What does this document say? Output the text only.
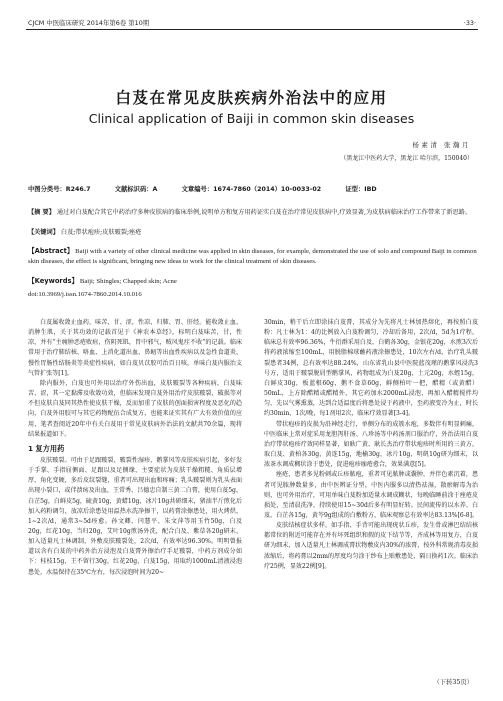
CJCM 中医临床研究 2014年第6卷 第10期	·33·
白芨在常见皮肤疾病外治法中的应用
Clinical application of Baiji in common skin diseases
杨素清 张瀚月
（黑龙江中医药大学，黑龙江 哈尔滨，150040）
中图分类号：R246.7	文献标识码：A	文章编号：1674-7860（2014）10-0033-02	证型：IBD
【摘 要】 通过对白芨配合其它中药治疗多种皮肤病的临床举例,说明单方和复方用药证实白芨在治疗常见皮肤病中,疗效显著,为皮肤病临床治疗工作带来了新思路。
【关键词】 白芨;带状疱疹;皮肤皲裂;痤疮
【Abstract】 Baiji with a variety of other clinical medicine was applied in skin diseases, for example, demonstrated the use of solo and compound Baiji in common skin diseases, the effect is significant, bringing new ideas to work for the clinical treatment of skin diseases.
【Keywords】 Baiji; Shingles; Chapped skin; Acne
doi:10.3969/j.issn.1674-7860.2014.10.016

白芨属收敛止血药，味苦、甘、涩，性凉，归肺、胃、肝经。能收敛止血、消肿生肌，关于其功效的记载首见于《神农本草经》，标明白芨味苦，甘，性凉，并有“主痈肿恶疮败疽，伤阴死肌，胃中邪气，贼风鬼疰不收”的记载。临床常用于治疗肺结核、咯血、上消化道出血、鼻衄等出血性疾病以及急性食道炎、慢性胃肠性结肠炎等炎症性疾病，如白芨贝苡胶可治百日咳，单味白芨内服治支气管扩张等[1]。

除内服外，白芨也可外用以治疗外伤出血，皮肤皲裂等各种疾病，白芨味苦、涩，其一定黏滞及收敛功效，但临床发现自芨外用治疗皮肤皲裂，破损等对不但皮肤自芨同其热性使皮肤干燥，反而加重了皮肤的创面损害程度及恶化的趋向，白芨外用胶可与其它药物配伍合成复方，也能来证实其有广大有效价值的应用，笔者查阅近20年中有关白芨用于常见皮肤病外治法的文献共70余篇，现将结果报道如下。

1 复方用药

皮肤皲裂。可由于足跟皲裂、皲裂性湿疹、鹅掌风等皮肤疾病引起，多好发于手掌、手指屈侧面、足跟以及足侧缘，主要症状为皮肤干燥粗糙、角质层增厚、角化变硬，多后皮纹裂缝，重者可出现出血和疼痛；乳头皲裂则为乳头表面出现小裂口，或伴溃疡及出血，王常秀、吕德忠自制三黄二白膏，使用白芨5g，白芷5g，白鲜皮5g，硫黄10g，黄蜡10g，冰片10g共研细末，猪油半斤煎化后加入药粉调匀，放凉后涂患处用温热水洗净擦干，以药膏涂擦患处，用火烤烘，1~2次/d，通常3~5d痊愈。孙文卿、闫慧平、朱文萍等用玉竹50g，白及20g，红花10g，当归20g，艾叶10g煎汤外洗，配合白及、紫草各20g研末，加入适量凡士林调制，外敷皮肤皲裂处，2次/d，有效率达96.30%。明明曾报道以含有白芨的中药外治方浸泡及白芨膏外擦治疗手足皲裂，中药方剂成分如下：桂枝15g，王不留行30g，红花20g，白芨15g，用取约1000mL清液浸泡患处，水温保持在35℃左右，每次浸泡时间为20~

30min，稍干后立即涂抹白芨膏，其成分为先将凡士林加热熔化，再按照白芨粉：凡士林为1：4的比例放入白芨粉调匀，冷却后备用，2次/d，5d为1疗程，临床总有效率96.36%，牛衍群采用白及、白鹤各30g，金银花20g，水煎3次后将药液浓缩至100mL，用脱脂棉球蘸药液涂擦患处，10次左右/d，治疗乳头皲裂患者34例，总有效率达88.24%，山东省乳山县中医院蓝茂瑾的鹅掌风浸洗3号方，适用于皲裂脱屑型鹅掌风，药物组成为白芨20g，土元20g，水蛭15g，白鲜皮30g，板蓝根60g，鹅不食草60g，鲜侧柏叶一把，醋精（或黄醋）50mL，上方除醋精或醋精外，其它药加水2000mL浸泡，再加入醋精搅拌均匀，先以气雾熏蒸，达到合适温度后将患处浸于药液中，至药液变冷为止，时长约30min，1次/晚，每1剂用2次，临床疗效显著[3-4]。

带状疱疹的皮损为沿神经走行，单侧分布的成簇水疱，多数伴有明显刺痛，中医临床上常对症采用龙胆泻肝汤、八珍汤等中药汤剂口服治疗，外治法用白芨治疗带状疱疹疗效同样显著，如耿广黄、耿长杰治疗带状疱疹时所用的三黄方，取白芨、黄柏各30g，黄连15g，地榆30g，冰片10g，明矾10g研为细末，以浓茶水调成稠状涂于患处，促进疱疹痂疮愈合，效果满意[5]。

痤疮，患者多见粉刺或丘疹脓疱，重者可见脓肿或囊肿，并伴色素沉着，患者可见脓肿数量多，由中医辨证分型，中医内服多以清热祛湿，散瘀解毒为治则，也可外用治疗，可用单味白芨粉加适量水调成糊状，每晚临睡前涂于痤疮皮损处，至清晨洗净，持续使用15~30d后多有明显好转。民间流传的以水养、白芨、白芷各15g，黄芩9g组成的白敷粉方，临床观察总有效率达83.13%[6-8]。

皮肤结核症状多样，如手指、手背可能出现疣状丘疹，发生骨或淋巴结结核都常位的附近可能存在并有坏死组织和假的皮下结节等，齐成林等用复方，白芨研为细末，加入适量凡士林调成膏状物敷皮内30%的浓膏，按外科常规消毒皮损浓缩后，将药膏以2mm的厚度均匀涂于纱布上贴敷患处，隔日换药1次。临床治疗25例，显效22例[9]。

（下转35页）
